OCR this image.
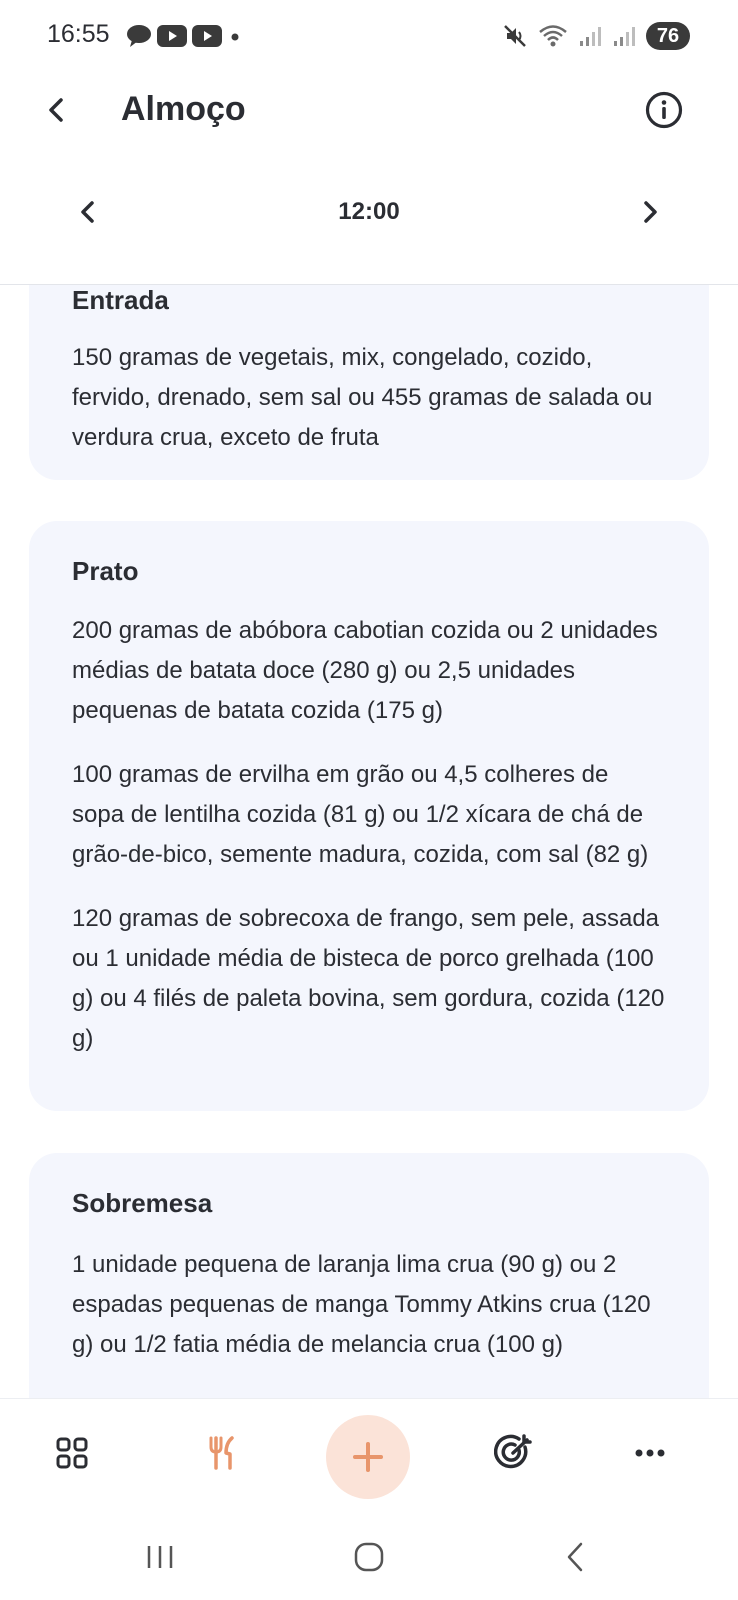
16:55	76
Almoço
12:00
Entrada

150 gramas de vegetais, mix, congelado, cozido, fervido, drenado, sem sal ou 455 gramas de salada ou verdura crua, exceto de fruta

Prato

200 gramas de abóbora cabotian cozida ou 2 unidades médias de batata doce (280 g) ou 2,5 unidades pequenas de batata cozida (175 g)

100 gramas de ervilha em grão ou 4,5 colheres de sopa de lentilha cozida (81 g) ou 1/2 xícara de chá de grão-de-bico, semente madura, cozida, com sal (82 g)

120 gramas de sobrecoxa de frango, sem pele, assada ou 1 unidade média de bisteca de porco grelhada (100 g) ou 4 filés de paleta bovina, sem gordura, cozida (120 g)

Sobremesa

1 unidade pequena de laranja lima crua (90 g) ou 2 espadas pequenas de manga Tommy Atkins crua (120 g) ou 1/2 fatia média de melancia crua (100 g)
